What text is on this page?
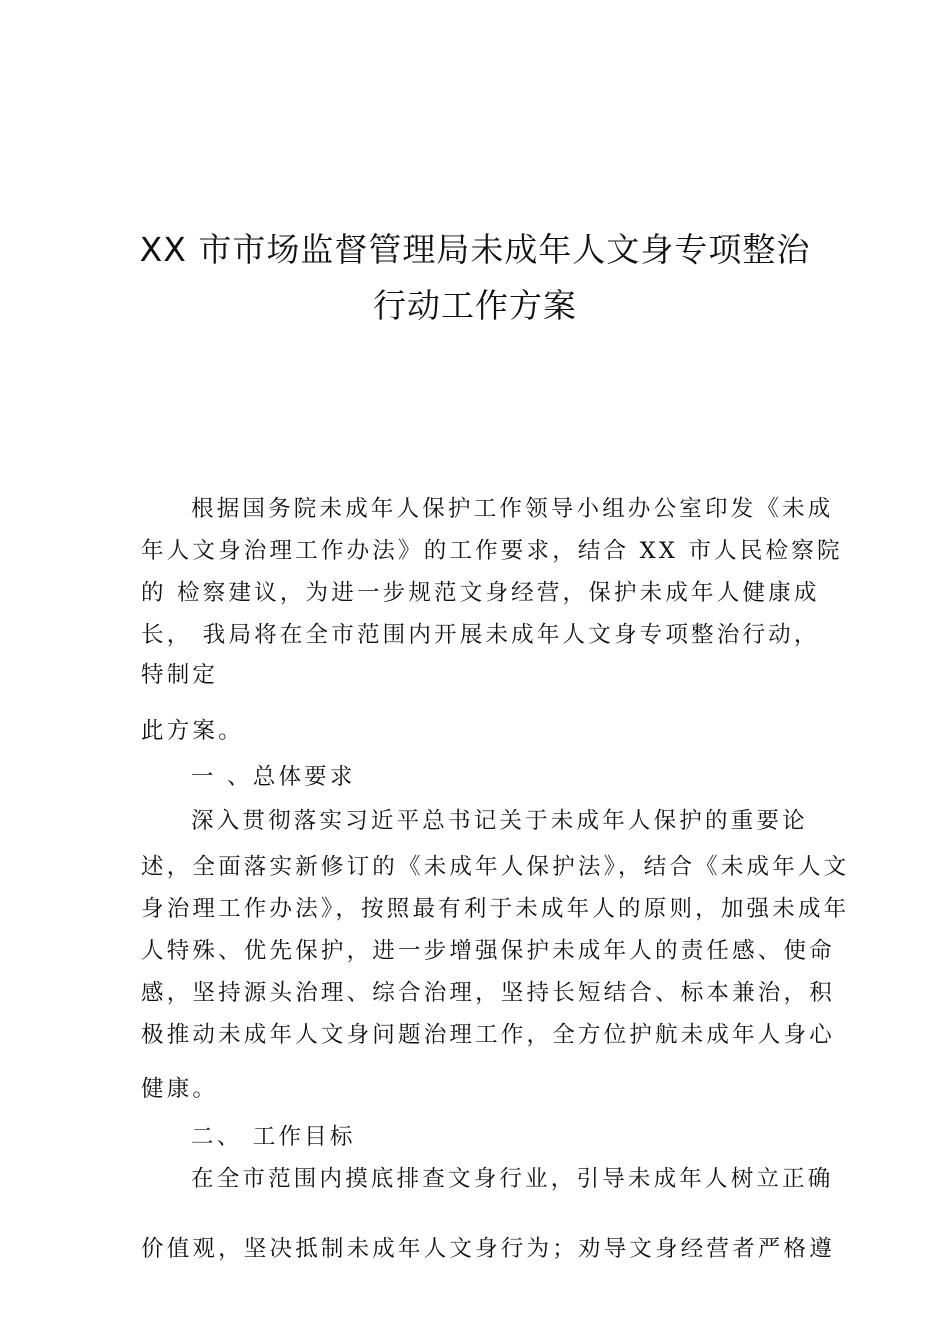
XX 市市场监督管理局未成年人文身专项整治
行动工作方案
根据国务院未成年人保护工作领导小组办公室印发《未成
年人文身治理工作办法》的工作要求，结合 XX 市人民检察院
的 检察建议，为进一步规范文身经营，保护未成年人健康成
长， 我局将在全市范围内开展未成年人文身专项整治行动，
特制定
此方案。
一 、总体要求
深入贯彻落实习近平总书记关于未成年人保护的重要论
述，全面落实新修订的《未成年人保护法》，结合《未成年人文
身治理工作办法》，按照最有利于未成年人的原则，加强未成年
人特殊、优先保护，进一步增强保护未成年人的责任感、使命
感，坚持源头治理、综合治理，坚持长短结合、标本兼治，积
极推动未成年人文身问题治理工作，全方位护航未成年人身心
健康。
二、 工作目标
在全市范围内摸底排查文身行业，引导未成年人树立正确
价值观，坚决抵制未成年人文身行为；劝导文身经营者严格遵
